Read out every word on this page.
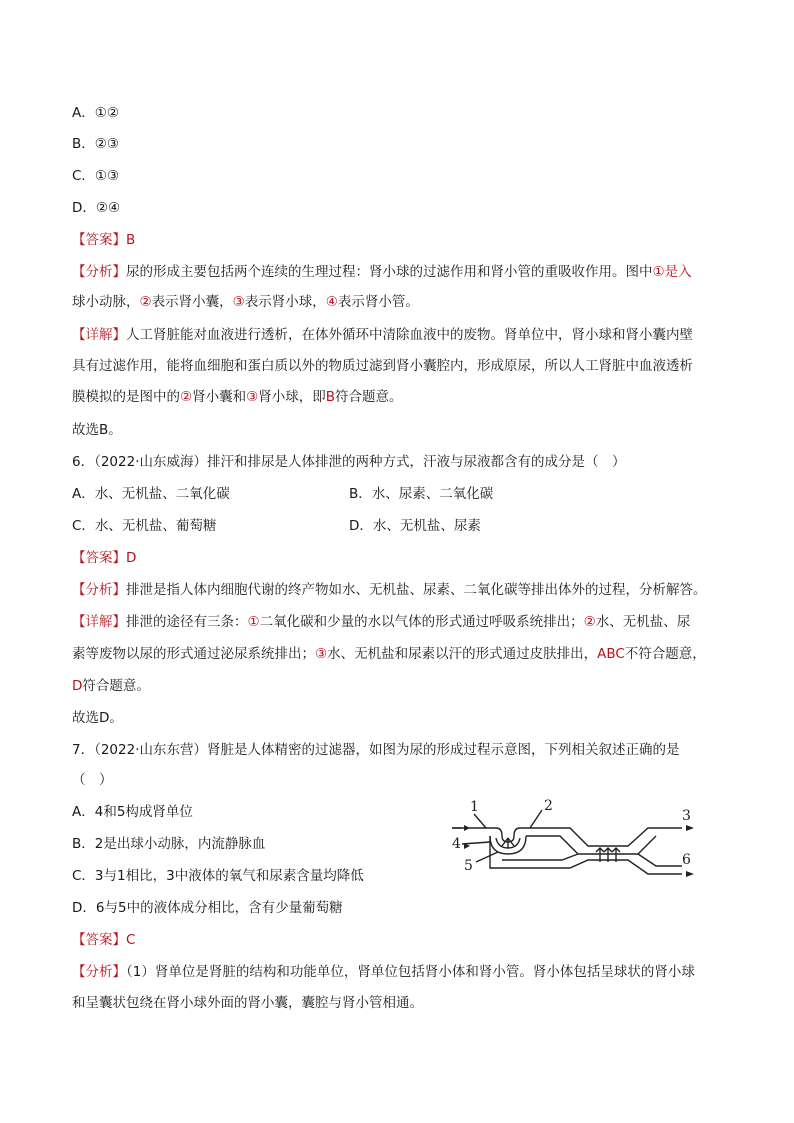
A．①②
B．②③
C．①③
D．②④
【答案】B
【分析】尿的形成主要包括两个连续的生理过程：肾小球的过滤作用和肾小管的重吸收作用。图中①是入
球小动脉，②表示肾小囊，③表示肾小球，④表示肾小管。
【详解】人工肾脏能对血液进行透析，在体外循环中清除血液中的废物。肾单位中，肾小球和肾小囊内壁
具有过滤作用，能将血细胞和蛋白质以外的物质过滤到肾小囊腔内，形成原尿，所以人工肾脏中血液透析
膜模拟的是图中的②肾小囊和③肾小球，即B符合题意。
故选B。
6．（2022·山东威海）排汗和排尿是人体排泄的两种方式，汗液与尿液都含有的成分是（　）
A．水、无机盐、二氧化碳	B．水、尿素、二氧化碳
C．水、无机盐、葡萄糖	D．水、无机盐、尿素
【答案】D
【分析】排泄是指人体内细胞代谢的终产物如水、无机盐、尿素、二氧化碳等排出体外的过程，分析解答。
【详解】排泄的途径有三条：①二氧化碳和少量的水以气体的形式通过呼吸系统排出；②水、无机盐、尿
素等废物以尿的形式通过泌尿系统排出；③水、无机盐和尿素以汗的形式通过皮肤排出，ABC不符合题意，
D符合题意。
故选D。
7．（2022·山东东营）肾脏是人体精密的过滤器，如图为尿的形成过程示意图，下列相关叙述正确的是
（　）
A．4和5构成肾单位
B．2是出球小动脉，内流静脉血
C．3与1相比，3中液体的氧气和尿素含量均降低
D．6与5中的液体成分相比，含有少量葡萄糖
【答案】C
【分析】（1）肾单位是肾脏的结构和功能单位，肾单位包括肾小体和肾小管。肾小体包括呈球状的肾小球
和呈囊状包绕在肾小球外面的肾小囊，囊腔与肾小管相通。
1	2
3
4
5	6
